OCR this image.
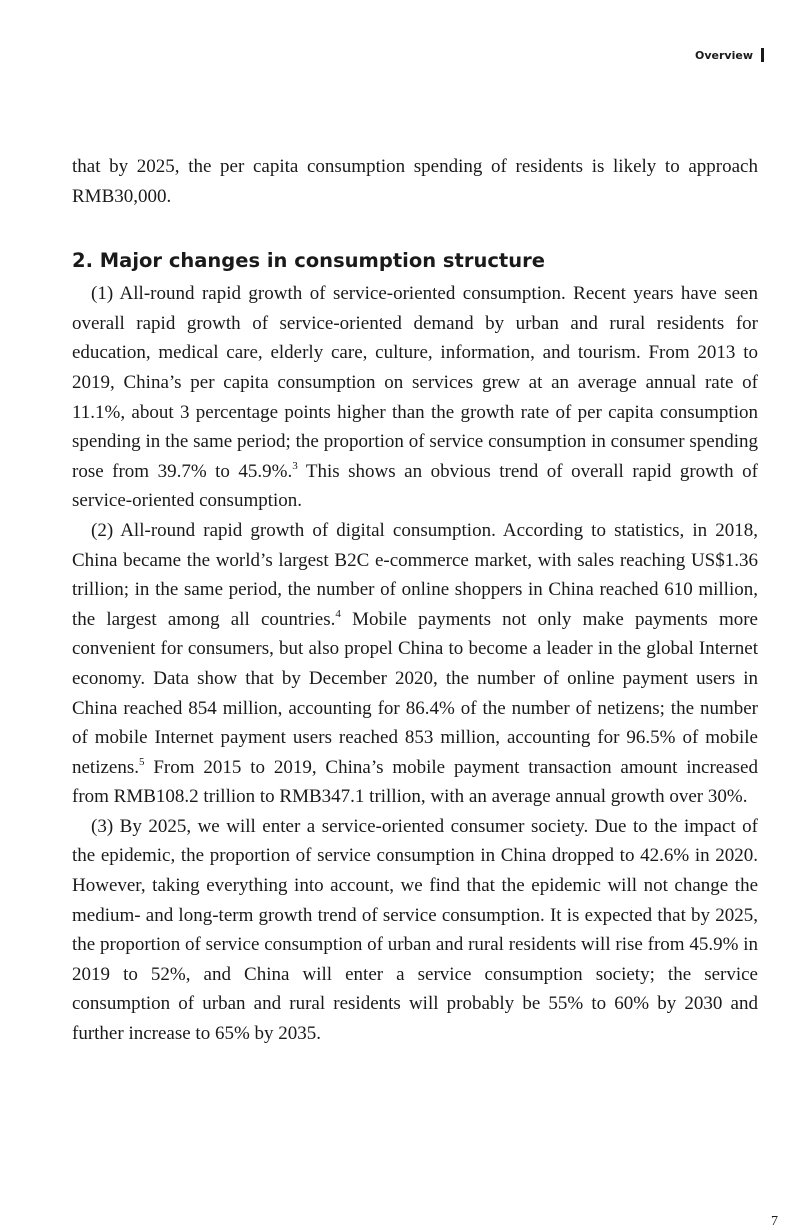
Overview

that by 2025, the per capita consumption spending of residents is likely to approach RMB30,000.

2. Major changes in consumption structure

(1) All-round rapid growth of service-oriented consumption. Recent years have seen overall rapid growth of service-oriented demand by urban and rural residents for education, medical care, elderly care, culture, information, and tourism. From 2013 to 2019, China’s per capita consumption on services grew at an average annual rate of 11.1%, about 3 percentage points higher than the growth rate of per capita consumption spending in the same period; the proportion of service consumption in consumer spending rose from 39.7% to 45.9%.$^3$ This shows an obvious trend of overall rapid growth of service-oriented consumption.

(2) All-round rapid growth of digital consumption. According to statistics, in 2018, China became the world’s largest B2C e-commerce market, with sales reaching US$1.36 trillion; in the same period, the number of online shoppers in China reached 610 million, the largest among all countries.$^4$ Mobile payments not only make payments more convenient for consumers, but also propel China to become a leader in the global Internet economy. Data show that by December 2020, the number of online payment users in China reached 854 million, accounting for 86.4% of the number of netizens; the number of mobile Internet payment users reached 853 million, accounting for 96.5% of mobile netizens.$^5$ From 2015 to 2019, China’s mobile payment transaction amount increased from RMB108.2 trillion to RMB347.1 trillion, with an average annual growth over 30%.

(3) By 2025, we will enter a service-oriented consumer society. Due to the impact of the epidemic, the proportion of service consumption in China dropped to 42.6% in 2020. However, taking everything into account, we find that the epidemic will not change the medium- and long-term growth trend of service consumption. It is expected that by 2025, the proportion of service consumption of urban and rural residents will rise from 45.9% in 2019 to 52%, and China will enter a service consumption society; the service consumption of urban and rural residents will probably be 55% to 60% by 2030 and further increase to 65% by 2035.

7
